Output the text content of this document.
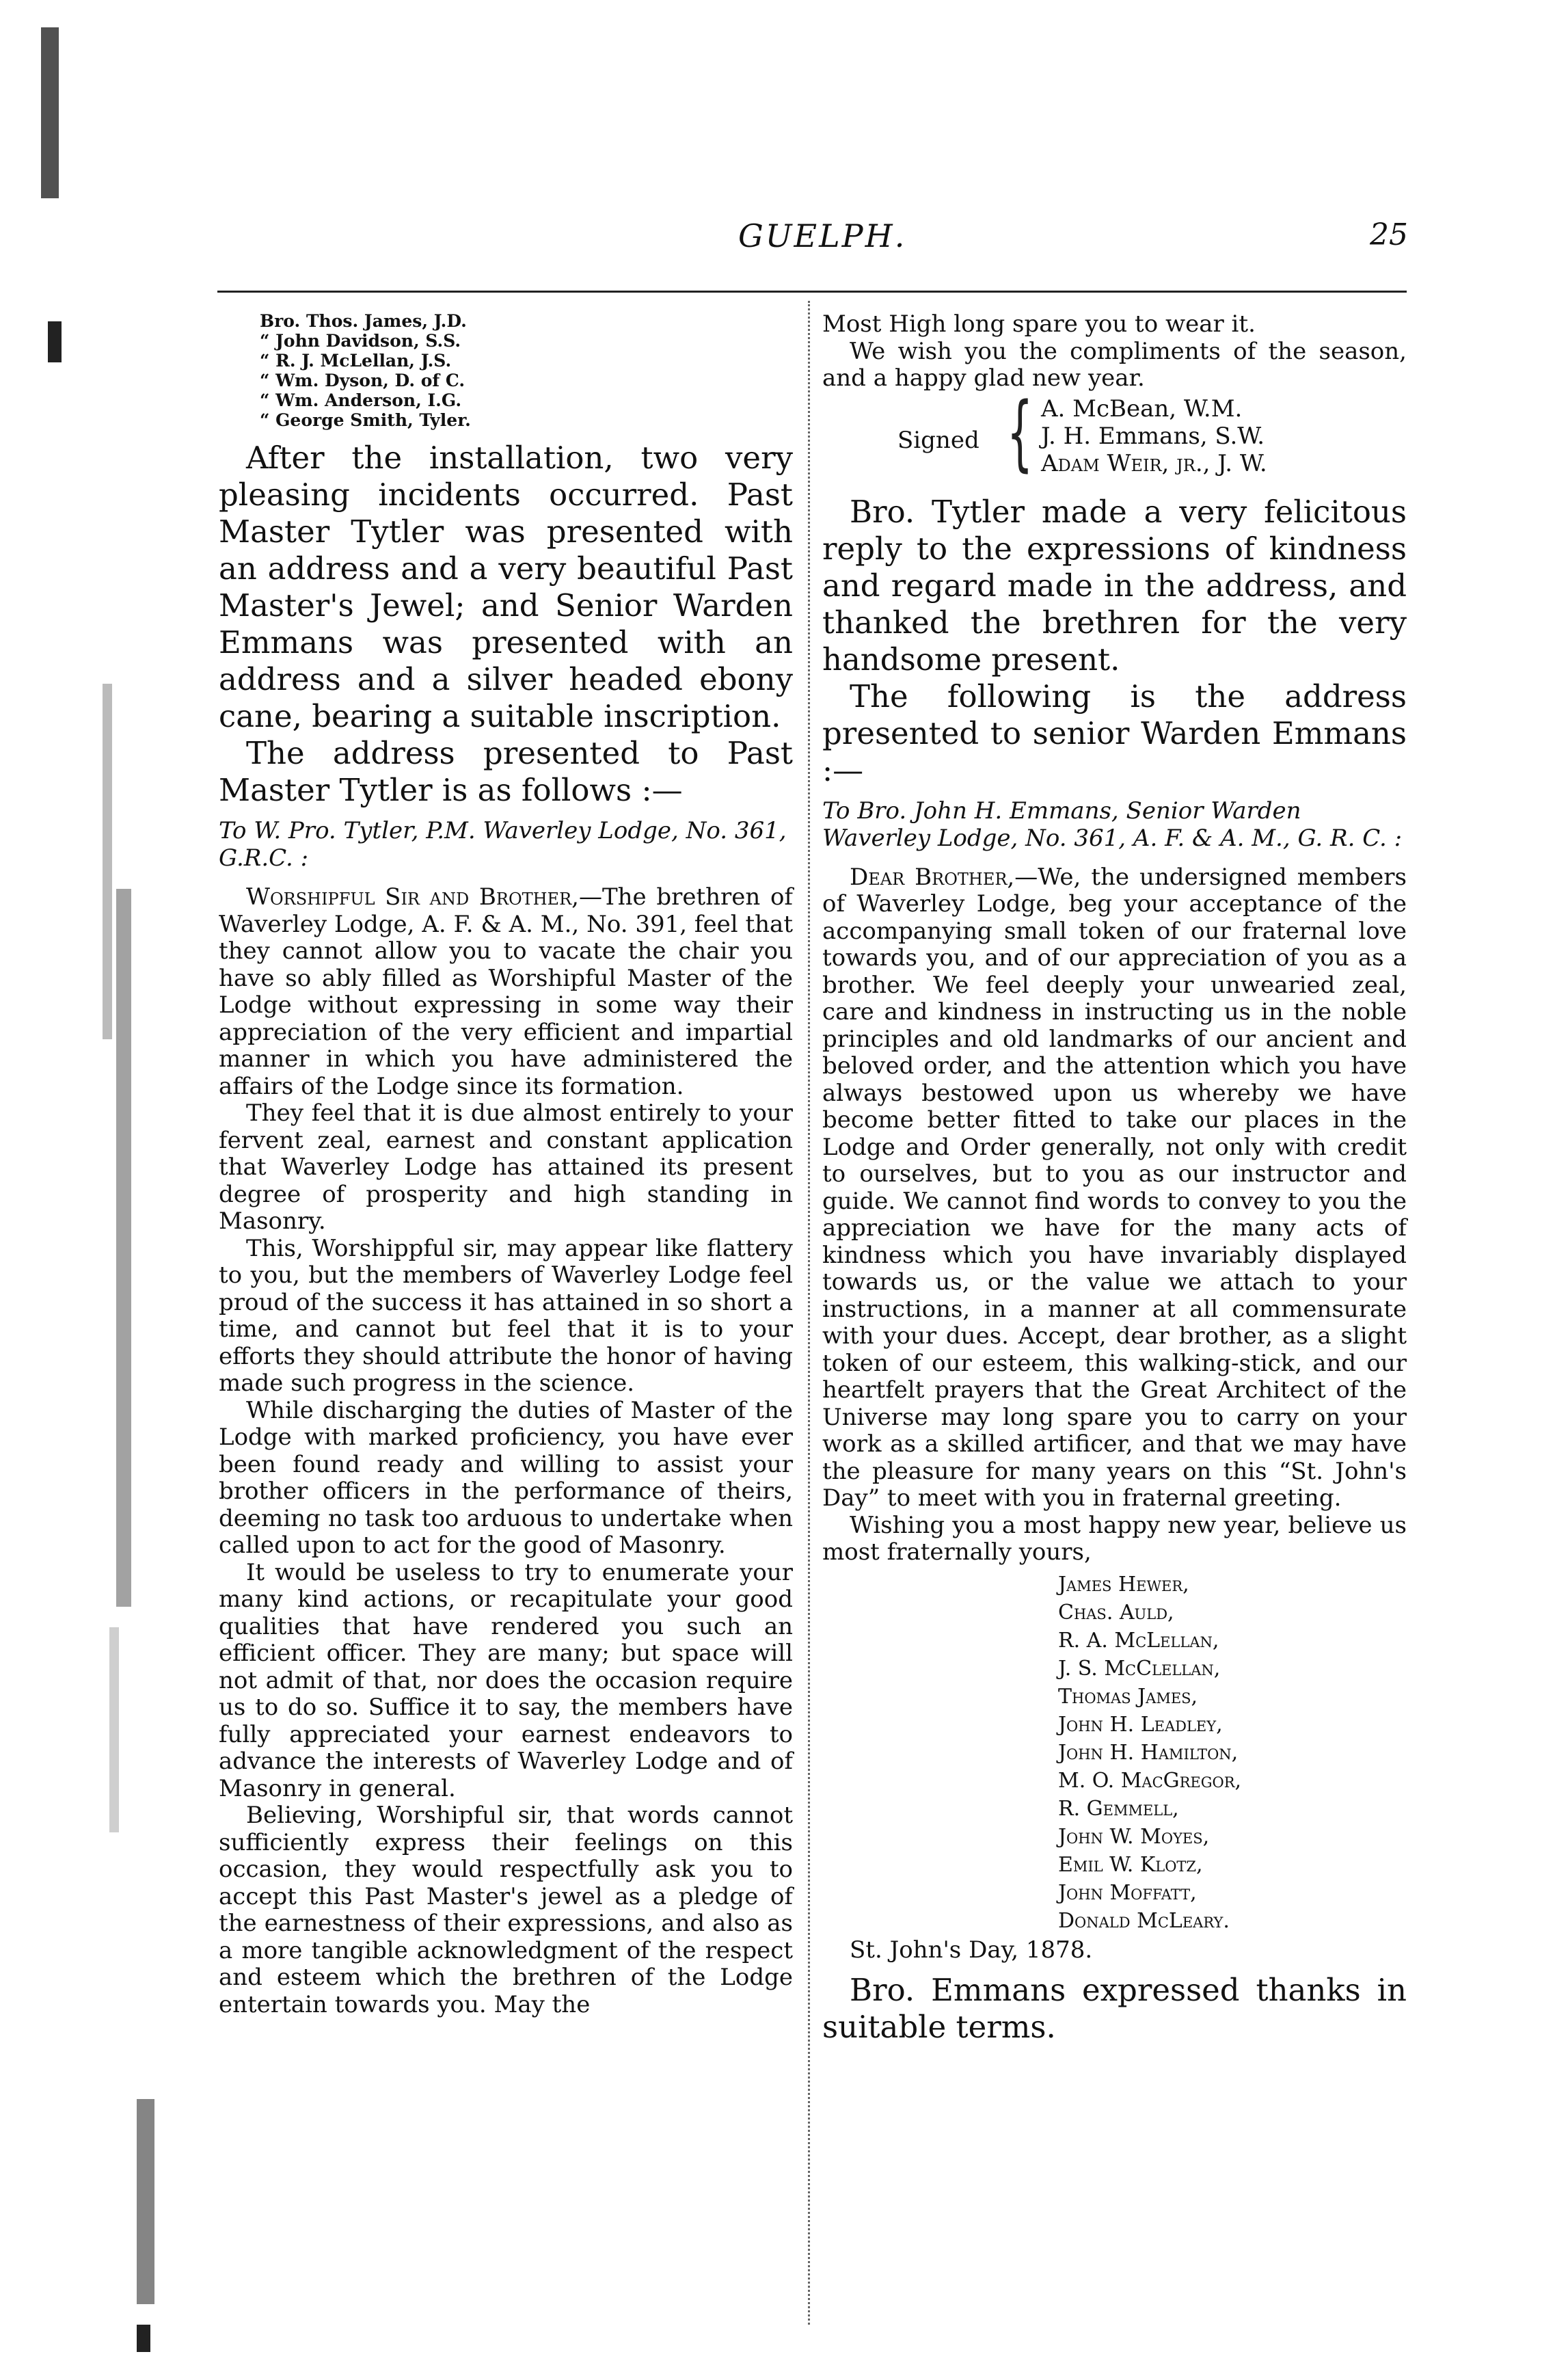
GUELPH.	25
Bro. Thos. James, J.D.
“ John Davidson, S.S.
“ R. J. McLellan, J.S.
“ Wm. Dyson, D. of C.
“ Wm. Anderson, I.G.
“ George Smith, Tyler.

After the installation, two very pleasing incidents occurred. Past Master Tytler was presented with an address and a very beautiful Past Master's Jewel; and Senior Warden Emmans was presented with an address and a silver headed ebony cane, bearing a suitable inscription.

The address presented to Past Master Tytler is as follows :—

To W. Pro. Tytler, P.M. Waverley Lodge, No. 361, G.R.C. :

Worshipful Sir and Brother,—The brethren of Waverley Lodge, A. F. & A. M., No. 391, feel that they cannot allow you to vacate the chair you have so ably filled as Worshipful Master of the Lodge without expressing in some way their appreciation of the very efficient and impartial manner in which you have administered the affairs of the Lodge since its formation.

They feel that it is due almost entirely to your fervent zeal, earnest and constant application that Waverley Lodge has attained its present degree of prosperity and high standing in Masonry.

This, Worshippful sir, may appear like flattery to you, but the members of Waverley Lodge feel proud of the success it has attained in so short a time, and cannot but feel that it is to your efforts they should attribute the honor of having made such progress in the science.

While discharging the duties of Master of the Lodge with marked proficiency, you have ever been found ready and willing to assist your brother officers in the performance of theirs, deeming no task too arduous to undertake when called upon to act for the good of Masonry.

It would be useless to try to enumerate your many kind actions, or recapitulate your good qualities that have rendered you such an efficient officer. They are many; but space will not admit of that, nor does the occasion require us to do so. Suffice it to say, the members have fully appreciated your earnest endeavors to advance the interests of Waverley Lodge and of Masonry in general.

Believing, Worshipful sir, that words cannot sufficiently express their feelings on this occasion, they would respectfully ask you to accept this Past Master's jewel as a pledge of the earnestness of their expressions, and also as a more tangible acknowledgment of the respect and esteem which the brethren of the Lodge entertain towards you. May the

Most High long spare you to wear it.

We wish you the compliments of the season, and a happy glad new year.

Signed { A. McBean, W.M.
J. H. Emmans, S.W.
Adam Weir, jr., J. W.

Bro. Tytler made a very felicitous reply to the expressions of kindness and regard made in the address, and thanked the brethren for the very handsome present.

The following is the address presented to senior Warden Emmans :—

To Bro. John H. Emmans, Senior Warden Waverley Lodge, No. 361, A. F. & A. M., G. R. C. :

Dear Brother,—We, the undersigned members of Waverley Lodge, beg your acceptance of the accompanying small token of our fraternal love towards you, and of our appreciation of you as a brother. We feel deeply your unwearied zeal, care and kindness in instructing us in the noble principles and old landmarks of our ancient and beloved order, and the attention which you have always bestowed upon us whereby we have become better fitted to take our places in the Lodge and Order generally, not only with credit to ourselves, but to you as our instructor and guide. We cannot find words to convey to you the appreciation we have for the many acts of kindness which you have invariably displayed towards us, or the value we attach to your instructions, in a manner at all commensurate with your dues. Accept, dear brother, as a slight token of our esteem, this walking-stick, and our heartfelt prayers that the Great Architect of the Universe may long spare you to carry on your work as a skilled artificer, and that we may have the pleasure for many years on this “St. John's Day” to meet with you in fraternal greeting.

Wishing you a most happy new year, believe us most fraternally yours,

James Hewer,
Chas. Auld,
R. A. McLellan,
J. S. McClellan,
Thomas James,
John H. Leadley,
John H. Hamilton,
M. O. MacGregor,
R. Gemmell,
John W. Moyes,
Emil W. Klotz,
John Moffatt,
Donald McLeary.

St. John's Day, 1878.

Bro. Emmans expressed thanks in suitable terms.
